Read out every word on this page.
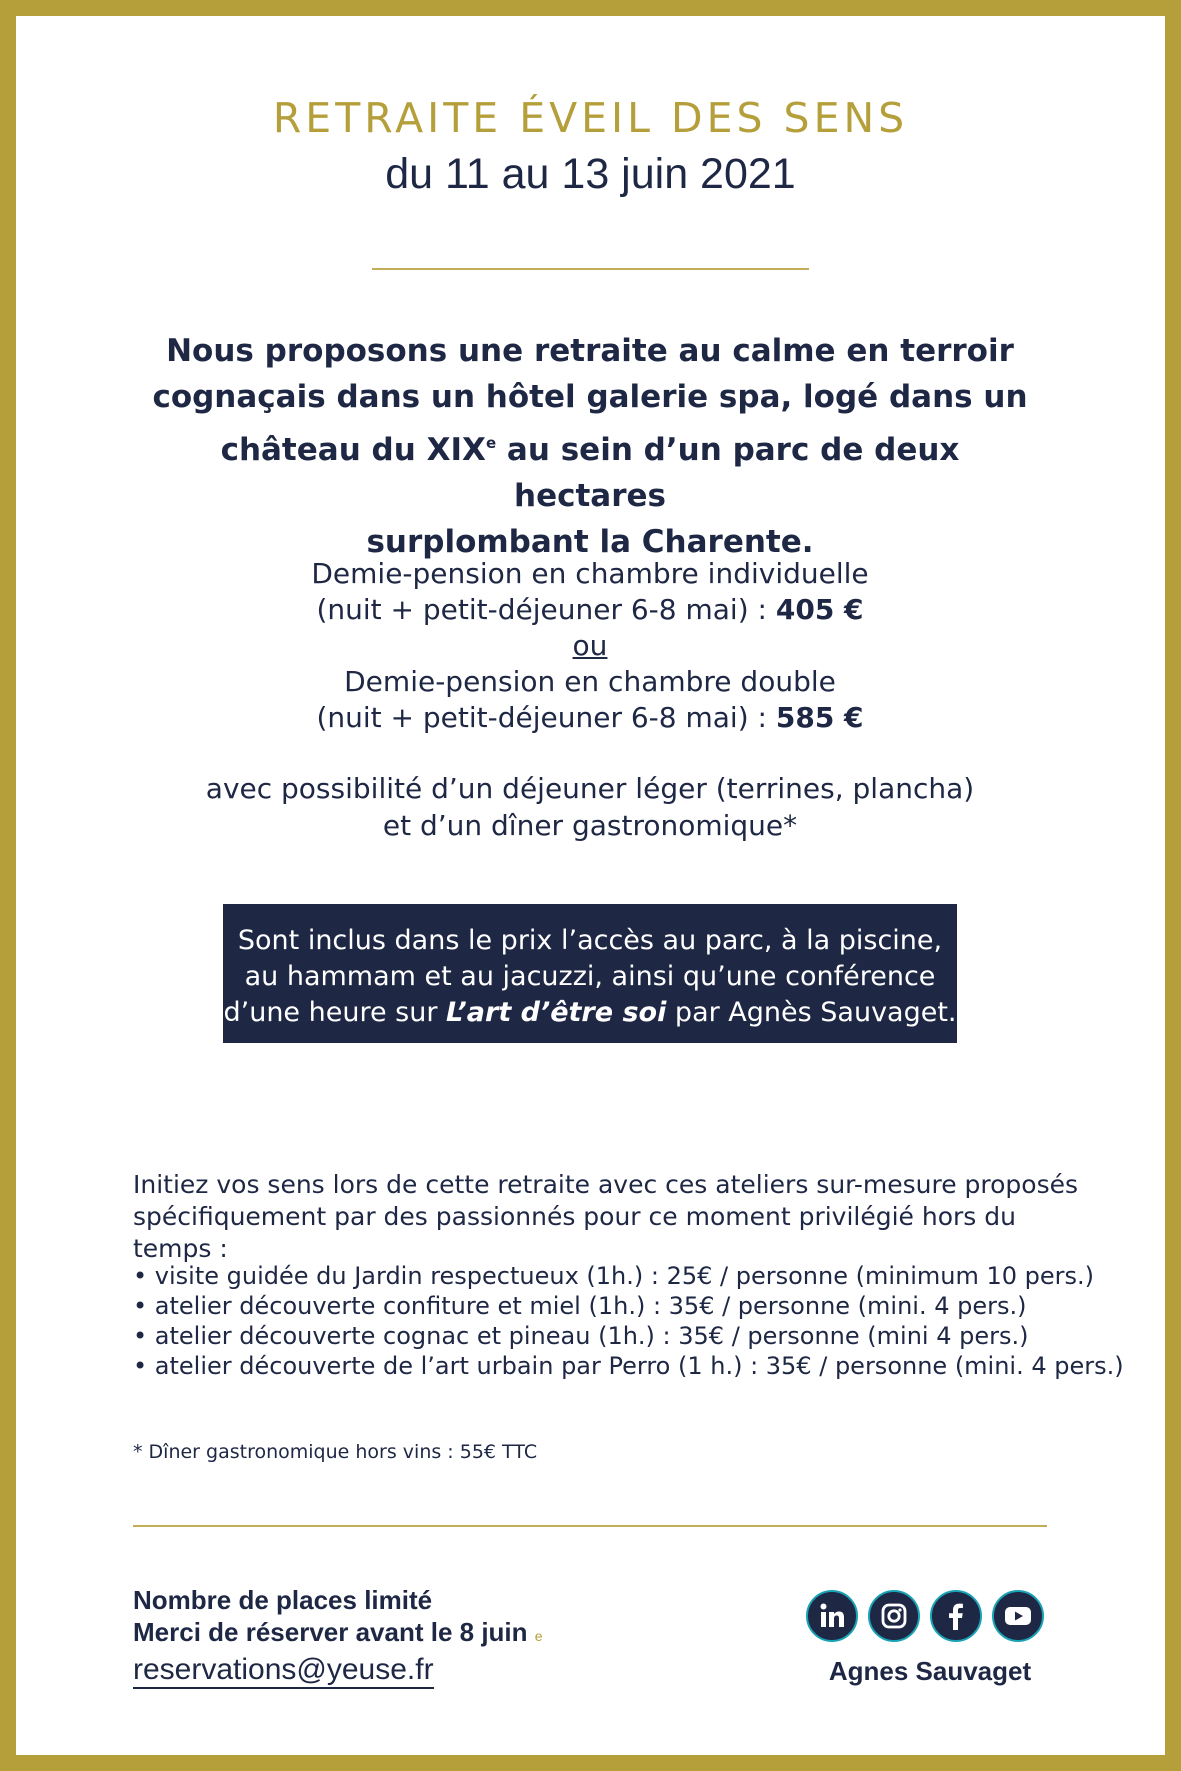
RETRAITE ÉVEIL DES SENS
du 11 au 13 juin 2021
Nous proposons une retraite au calme en terroir
cognaçais dans un hôtel galerie spa, logé dans un
château du XIXe au sein d’un parc de deux hectares
surplombant la Charente.
Demie-pension en chambre individuelle
(nuit + petit-déjeuner 6-8 mai) : 405 €
ou
Demie-pension en chambre double
(nuit + petit-déjeuner 6-8 mai) : 585 €
avec possibilité d’un déjeuner léger (terrines, plancha)
et d’un dîner gastronomique*
Sont inclus dans le prix l’accès au parc, à la piscine,
au hammam et au jacuzzi, ainsi qu’une conférence
d’une heure sur L’art d’être soi par Agnès Sauvaget.
Initiez vos sens lors de cette retraite avec ces ateliers sur-mesure proposés
spécifiquement par des passionnés pour ce moment privilégié hors du temps :
• visite guidée du Jardin respectueux (1h.) : 25€ / personne (minimum 10 pers.)
• atelier découverte confiture et miel (1h.) : 35€ / personne (mini. 4 pers.)
• atelier découverte cognac et pineau (1h.) : 35€ / personne (mini 4 pers.)
• atelier découverte de l’art urbain par Perro (1 h.) : 35€ / personne (mini. 4 pers.)
* Dîner gastronomique hors vins : 55€ TTC
Nombre de places limité
Merci de réserver avant le 8 juin e
reservations@yeuse.fr	Agnes Sauvaget
